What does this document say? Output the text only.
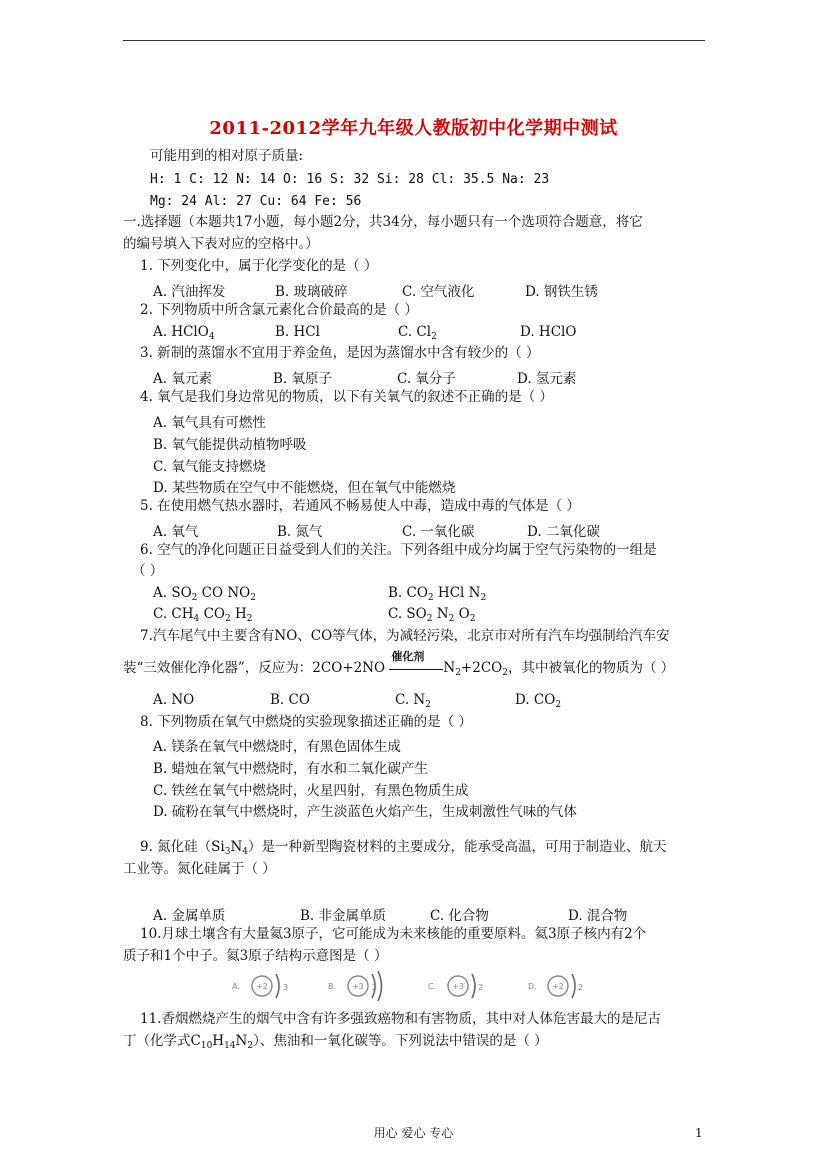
2011-2012学年九年级人教版初中化学期中测试
可能用到的相对原子质量:
H: 1 C: 12 N: 14 O: 16 S: 32 Si: 28 Cl: 35.5 Na: 23
Mg: 24 Al: 27 Cu: 64 Fe: 56
一.选择题（本题共17小题，每小题2分，共34分，每小题只有一个选项符合题意，将它
的编号填入下表对应的空格中。）
1. 下列变化中，属于化学变化的是（ ）
A. 汽油挥发	B. 玻璃破碎	C. 空气液化	D. 钢铁生锈
2. 下列物质中所含氯元素化合价最高的是（ ）
A. HClO$_4$	B. HCl	C. $Cl_2$	D. HClO
3. 新制的蒸馏水不宜用于养金鱼，是因为蒸馏水中含有较少的（ ）
A. 氧元素	B. 氧原子	C. 氧分子	D. 氢元素
4. 氧气是我们身边常见的物质，以下有关氧气的叙述不正确的是（ ）
A. 氧气具有可燃性
B. 氧气能提供动植物呼吸
C. 氧气能支持燃烧
D. 某些物质在空气中不能燃烧，但在氧气中能燃烧
5. 在使用燃气热水器时，若通风不畅易使人中毒，造成中毒的气体是（ ）
A. 氧气	B. 氮气	C. 一氧化碳	D. 二氧化碳
6. 空气的净化问题正日益受到人们的关注。下列各组中成分均属于空气污染物的一组是
（ ）
A. $SO_2$ CO $NO_2$	B. $CO_2$ HCl $N_2$
C. $CH_4$ $CO_2$ $H_2$	C. $SO_2$ $N_2$ $O_2$
7.汽车尾气中主要含有NO、CO等气体，为减轻污染，北京市对所有汽车均强制给汽车安
装“三效催化净化器”，反应为：2CO+2NO
催化剂
$N_2+2CO_2$，其中被氧化的物质为（ ）
A. NO	B. CO	C. $N_2$	D. $CO_2$
8. 下列物质在氧气中燃烧的实验现象描述正确的是（ ）
A. 镁条在氧气中燃烧时，有黑色固体生成
B. 蜡烛在氧气中燃烧时，有水和二氧化碳产生
C. 铁丝在氧气中燃烧时，火星四射，有黑色物质生成
D. 硫粉在氧气中燃烧时，产生淡蓝色火焰产生，生成刺激性气味的气体
9. 氮化硅$(Si_3N_4)$是一种新型陶瓷材料的主要成分，能承受高温，可用于制造业、航天
工业等。氮化硅属于（ ）
A. 金属单质	B. 非金属单质	C. 化合物	D. 混合物
10.月球土壤含有大量氦3原子，它可能成为未来核能的重要原料。氦3原子核内有2个
质子和1个中子。氦3原子结构示意图是（ ）
A. +2 3	B. +3 2	C. +3 2	D. +2 2
11.香烟燃烧产生的烟气中含有许多强致癌物和有害物质，其中对人体危害最大的是尼古
丁（化学式$C_{10}H_{14}N_2$）、焦油和一氧化碳等。下列说法中错误的是（ ）
用心 爱心 专心	1
